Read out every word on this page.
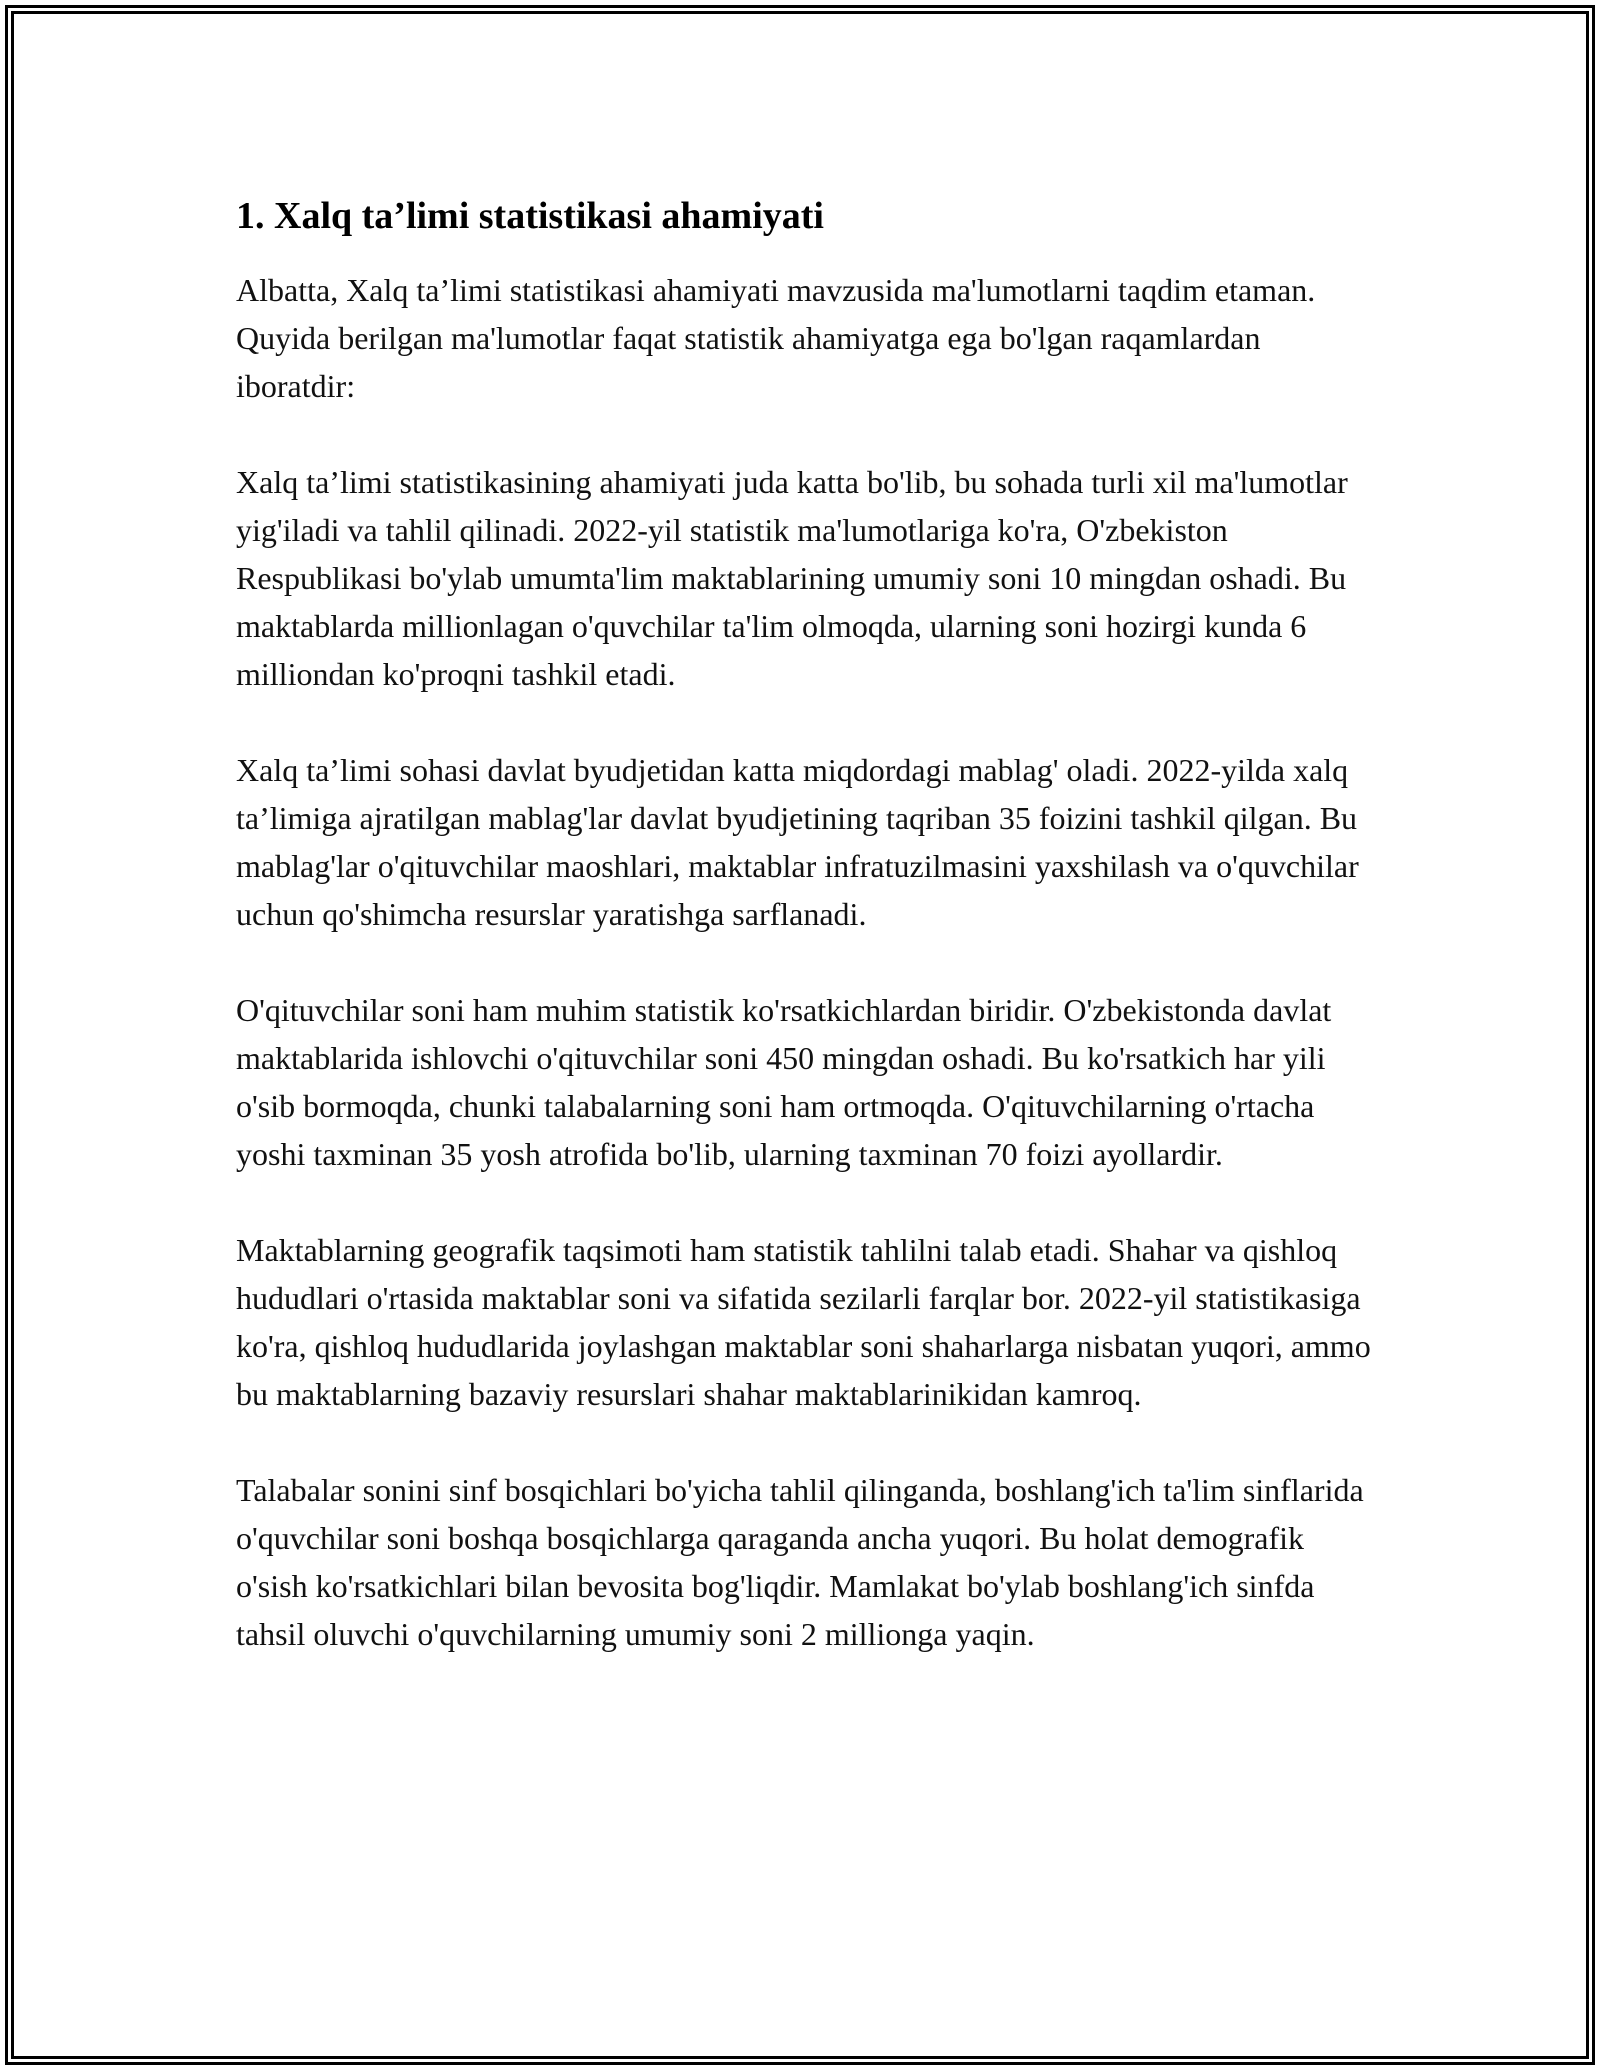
1. Xalq ta’limi statistikasi ahamiyati

Albatta, Xalq ta’limi statistikasi ahamiyati mavzusida ma'lumotlarni taqdim etaman. Quyida berilgan ma'lumotlar faqat statistik ahamiyatga ega bo'lgan raqamlardan iboratdir:

Xalq ta’limi statistikasining ahamiyati juda katta bo'lib, bu sohada turli xil ma'lumotlar yig'iladi va tahlil qilinadi. 2022-yil statistik ma'lumotlariga ko'ra, O'zbekiston Respublikasi bo'ylab umumta'lim maktablarining umumiy soni 10 mingdan oshadi. Bu maktablarda millionlagan o'quvchilar ta'lim olmoqda, ularning soni hozirgi kunda 6 milliondan ko'proqni tashkil etadi.

Xalq ta’limi sohasi davlat byudjetidan katta miqdordagi mablag' oladi. 2022-yilda xalq ta’limiga ajratilgan mablag'lar davlat byudjetining taqriban 35 foizini tashkil qilgan. Bu mablag'lar o'qituvchilar maoshlari, maktablar infratuzilmasini yaxshilash va o'quvchilar uchun qo'shimcha resurslar yaratishga sarflanadi.

O'qituvchilar soni ham muhim statistik ko'rsatkichlardan biridir. O'zbekistonda davlat maktablarida ishlovchi o'qituvchilar soni 450 mingdan oshadi. Bu ko'rsatkich har yili o'sib bormoqda, chunki talabalarning soni ham ortmoqda. O'qituvchilarning o'rtacha yoshi taxminan 35 yosh atrofida bo'lib, ularning taxminan 70 foizi ayollardir.

Maktablarning geografik taqsimoti ham statistik tahlilni talab etadi. Shahar va qishloq hududlari o'rtasida maktablar soni va sifatida sezilarli farqlar bor. 2022-yil statistikasiga ko'ra, qishloq hududlarida joylashgan maktablar soni shaharlarga nisbatan yuqori, ammo bu maktablarning bazaviy resurslari shahar maktablarinikidan kamroq.

Talabalar sonini sinf bosqichlari bo'yicha tahlil qilinganda, boshlang'ich ta'lim sinflarida o'quvchilar soni boshqa bosqichlarga qaraganda ancha yuqori. Bu holat demografik o'sish ko'rsatkichlari bilan bevosita bog'liqdir. Mamlakat bo'ylab boshlang'ich sinfda tahsil oluvchi o'quvchilarning umumiy soni 2 millionga yaqin.
